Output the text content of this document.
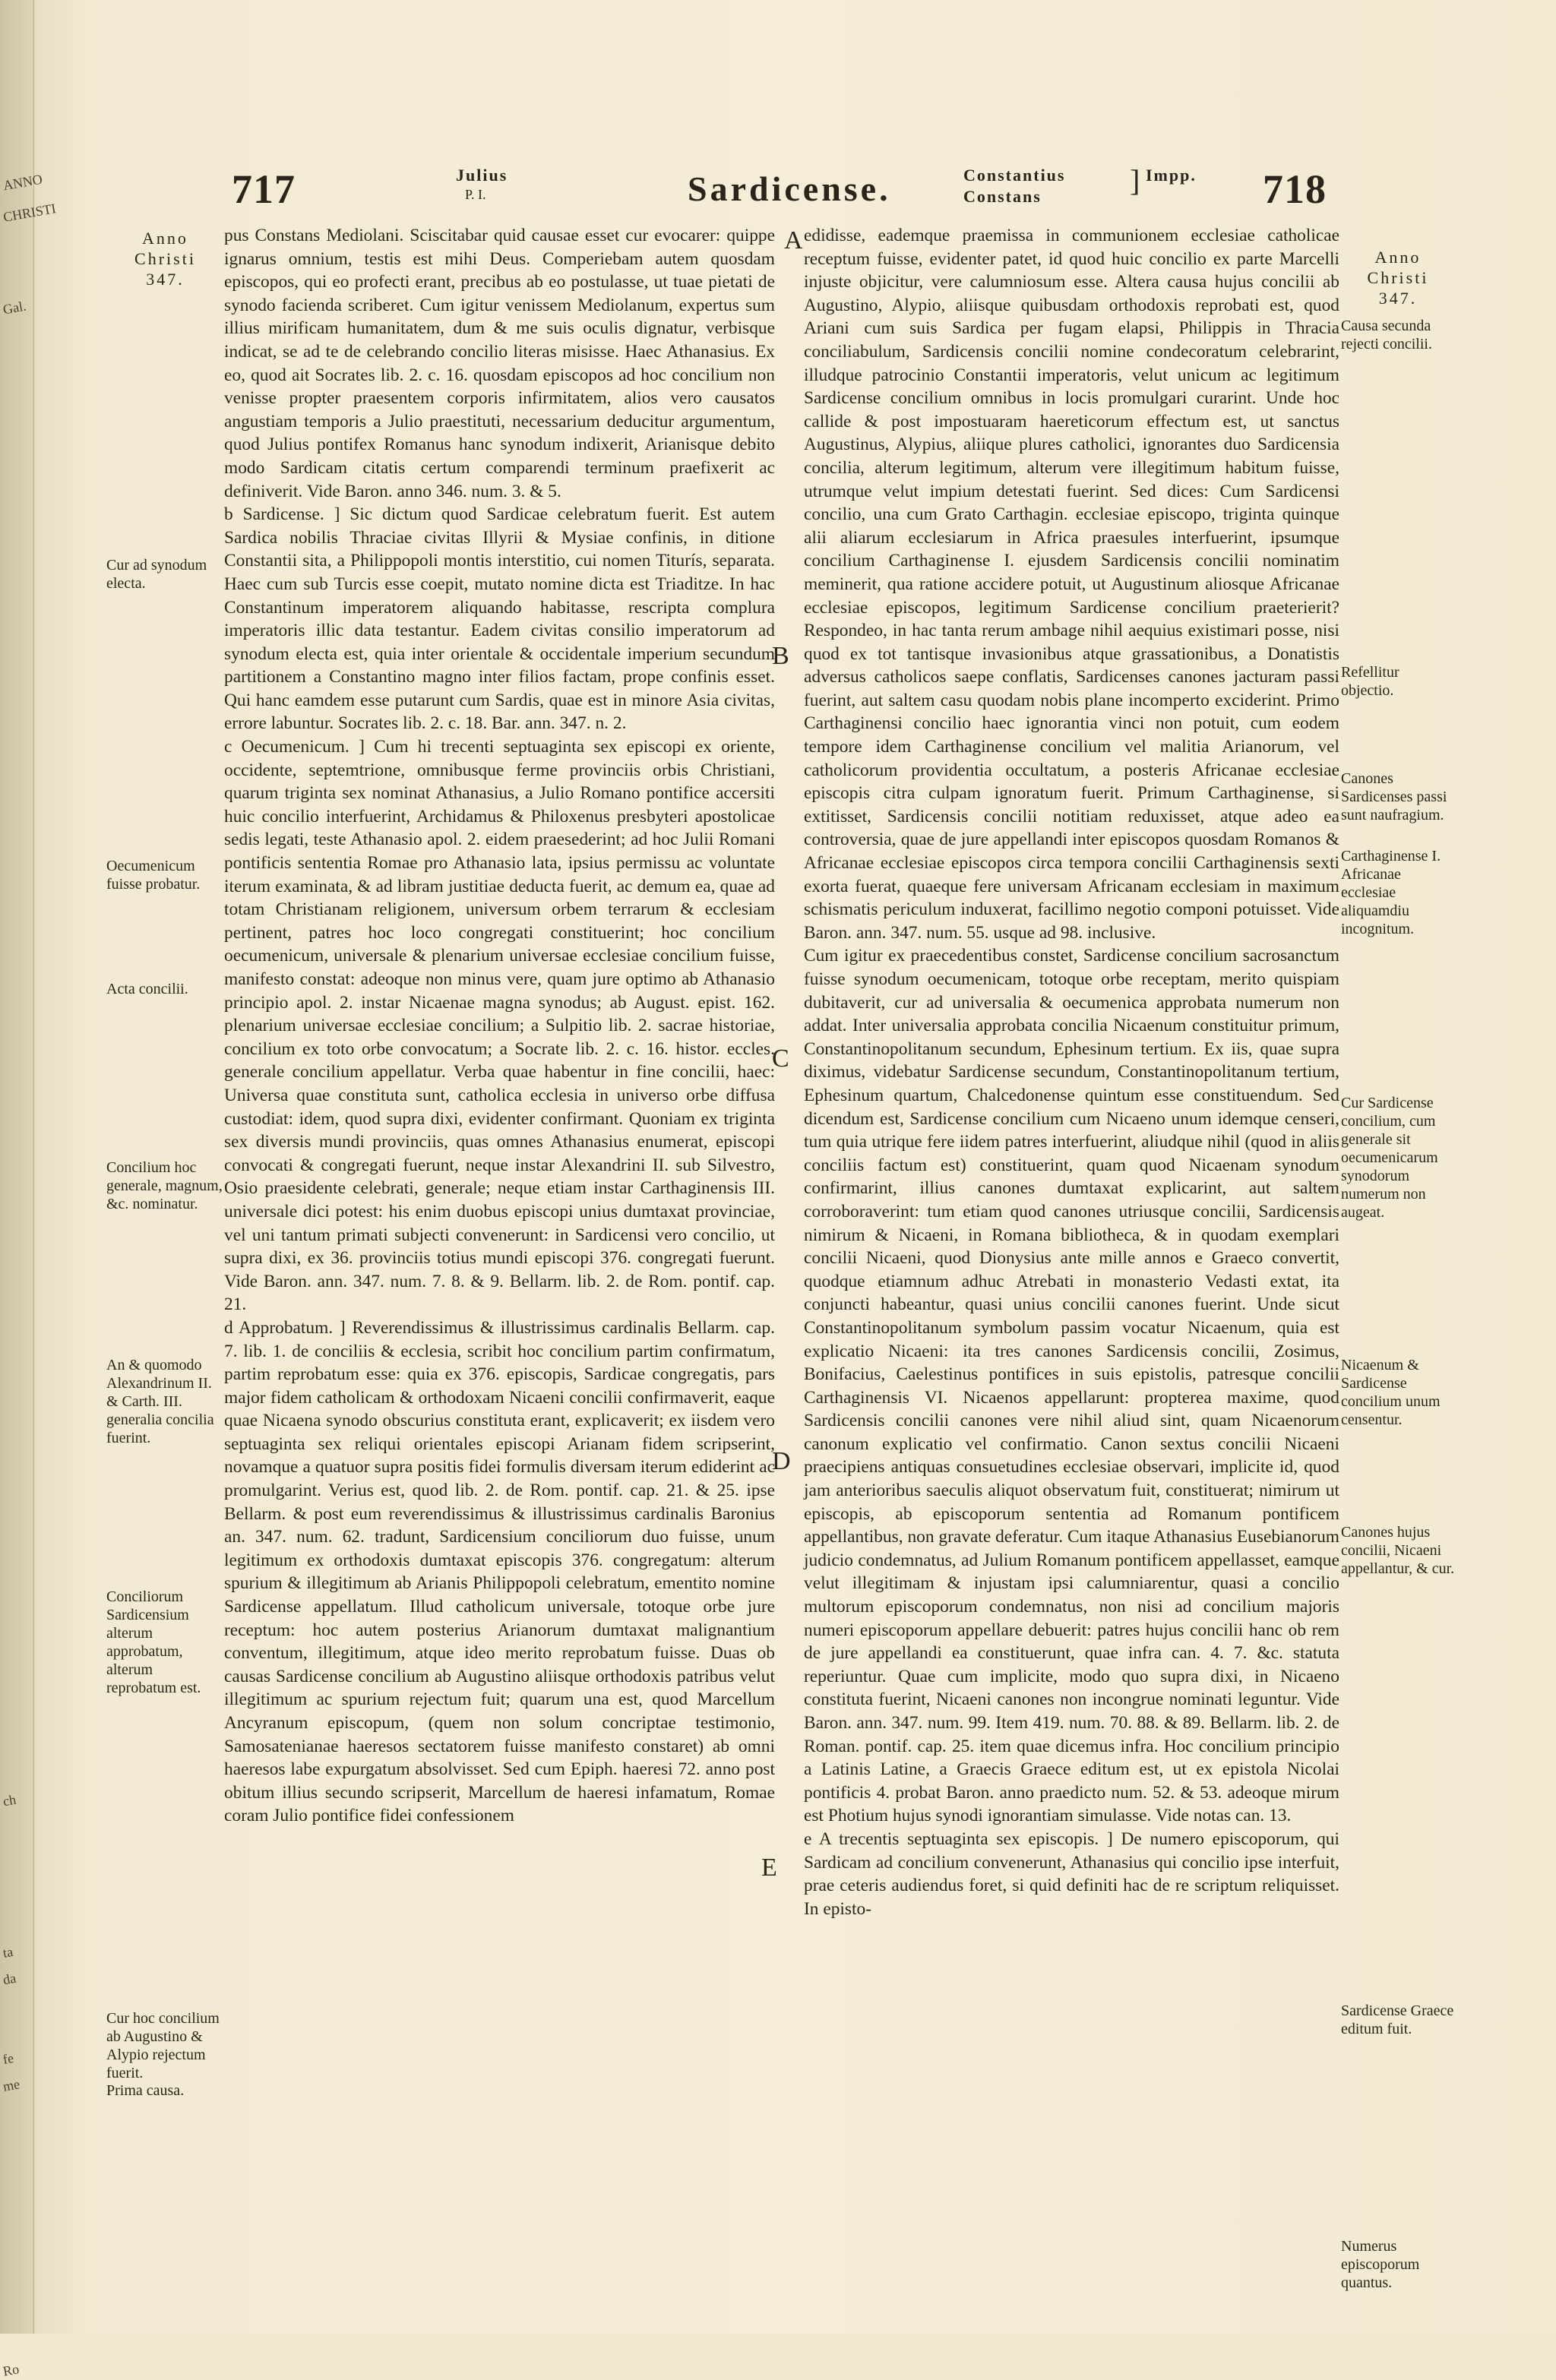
ANNO
CHRISTI
Gal.
ch
ta
da
Ro
fe
me
717	Julius
P. I.	Sardicense.	Constantius
Constans	] Impp. 718
Anno
Christi
347.
Cur ad synodum electa.
Oecumenicum fuisse probatur.
Acta concilii.
Concilium hoc generale, magnum, &c. nominatur.
An & quomodo Alexandrinum II. & Carth. III. generalia concilia fuerint.
Conciliorum Sardicensium alterum approbatum, alterum reprobatum est.
Cur hoc concilium ab Augustino & Alypio rejectum fuerit.
Prima causa.

pus Constans Mediolani. Sciscitabar quid causae esset cur evocarer: quippe ignarus omnium, testis est mihi Deus. Comperiebam autem quosdam episcopos, qui eo profecti erant, precibus ab eo postulasse, ut tuae pietati de synodo facienda scriberet. Cum igitur venissem Mediolanum, expertus sum illius mirificam humanitatem, dum & me suis oculis dignatur, verbisque indicat, se ad te de celebrando concilio literas misisse. Haec Athanasius. Ex eo, quod ait Socrates lib. 2. c. 16. quosdam episcopos ad hoc concilium non venisse propter praesentem corporis infirmitatem, alios vero causatos angustiam temporis a Julio praestituti, necessarium deducitur argumentum, quod Julius pontifex Romanus hanc synodum indixerit, Arianisque debito modo Sardicam citatis certum comparendi terminum praefixerit ac definiverit. Vide Baron. anno 346. num. 3. & 5.

b Sardicense. ] Sic dictum quod Sardicae celebratum fuerit. Est autem Sardica nobilis Thraciae civitas Illyrii & Mysiae confinis, in ditione Constantii sita, a Philippopoli montis interstitio, cui nomen Titurís, separata. Haec cum sub Turcis esse coepit, mutato nomine dicta est Triaditze. In hac Constantinum imperatorem aliquando habitasse, rescripta complura imperatoris illic data testantur. Eadem civitas consilio imperatorum ad synodum electa est, quia inter orientale & occidentale imperium secundum partitionem a Constantino magno inter filios factam, prope confinis esset. Qui hanc eamdem esse putarunt cum Sardis, quae est in minore Asia civitas, errore labuntur. Socrates lib. 2. c. 18. Bar. ann. 347. n. 2.

c Oecumenicum. ] Cum hi trecenti septuaginta sex episcopi ex oriente, occidente, septemtrione, omnibusque ferme provinciis orbis Christiani, quarum triginta sex nominat Athanasius, a Julio Romano pontifice accersiti huic concilio interfuerint, Archidamus & Philoxenus presbyteri apostolicae sedis legati, teste Athanasio apol. 2. eidem praesederint; ad hoc Julii Romani pontificis sententia Romae pro Athanasio lata, ipsius permissu ac voluntate iterum examinata, & ad libram justitiae deducta fuerit, ac demum ea, quae ad totam Christianam religionem, universum orbem terrarum & ecclesiam pertinent, patres hoc loco congregati constituerint; hoc concilium oecumenicum, universale & plenarium universae ecclesiae concilium fuisse, manifesto constat: adeoque non minus vere, quam jure optimo ab Athanasio principio apol. 2. instar Nicaenae magna synodus; ab August. epist. 162. plenarium universae ecclesiae concilium; a Sulpitio lib. 2. sacrae historiae, concilium ex toto orbe convocatum; a Socrate lib. 2. c. 16. histor. eccles. generale concilium appellatur. Verba quae habentur in fine concilii, haec: Universa quae constituta sunt, catholica ecclesia in universo orbe diffusa custodiat: idem, quod supra dixi, evidenter confirmant. Quoniam ex triginta sex diversis mundi provinciis, quas omnes Athanasius enumerat, episcopi convocati & congregati fuerunt, neque instar Alexandrini II. sub Silvestro, Osio praesidente celebrati, generale; neque etiam instar Carthaginensis III. universale dici potest: his enim duobus episcopi unius dumtaxat provinciae, vel uni tantum primati subjecti convenerunt: in Sardicensi vero concilio, ut supra dixi, ex 36. provinciis totius mundi episcopi 376. congregati fuerunt. Vide Baron. ann. 347. num. 7. 8. & 9. Bellarm. lib. 2. de Rom. pontif. cap. 21.

d Approbatum. ] Reverendissimus & illustrissimus cardinalis Bellarm. cap. 7. lib. 1. de conciliis & ecclesia, scribit hoc concilium partim confirmatum, partim reprobatum esse: quia ex 376. episcopis, Sardicae congregatis, pars major fidem catholicam & orthodoxam Nicaeni concilii confirmaverit, eaque quae Nicaena synodo obscurius constituta erant, explicaverit; ex iisdem vero septuaginta sex reliqui orientales episcopi Arianam fidem scripserint, novamque a quatuor supra positis fidei formulis diversam iterum ediderint ac promulgarint. Verius est, quod lib. 2. de Rom. pontif. cap. 21. & 25. ipse Bellarm. & post eum reverendissimus & illustrissimus cardinalis Baronius an. 347. num. 62. tradunt, Sardicensium conciliorum duo fuisse, unum legitimum ex orthodoxis dumtaxat episcopis 376. congregatum: alterum spurium & illegitimum ab Arianis Philippopoli celebratum, ementito nomine Sardicense appellatum. Illud catholicum universale, totoque orbe jure receptum: hoc autem posterius Arianorum dumtaxat malignantium conventum, illegitimum, atque ideo merito reprobatum fuisse. Duas ob causas Sardicense concilium ab Augustino aliisque orthodoxis patribus velut illegitimum ac spurium rejectum fuit; quarum una est, quod Marcellum Ancyranum episcopum, (quem non solum concriptae testimonio, Samosatenianae haeresos sectatorem fuisse manifesto constaret) ab omni haeresos labe expurgatum absolvisset. Sed cum Epiph. haeresi 72. anno post obitum illius secundo scripserit, Marcellum de haeresi infamatum, Romae coram Julio pontifice fidei confessionem

A
B
C
D
E

edidisse, eademque praemissa in communionem ecclesiae catholicae receptum fuisse, evidenter patet, id quod huic concilio ex parte Marcelli injuste objicitur, vere calumniosum esse. Altera causa hujus concilii ab Augustino, Alypio, aliisque quibusdam orthodoxis reprobati est, quod Ariani cum suis Sardica per fugam elapsi, Philippis in Thracia conciliabulum, Sardicensis concilii nomine condecoratum celebrarint, illudque patrocinio Constantii imperatoris, velut unicum ac legitimum Sardicense concilium omnibus in locis promulgari curarint. Unde hoc callide & post impostuaram haereticorum effectum est, ut sanctus Augustinus, Alypius, aliique plures catholici, ignorantes duo Sardicensia concilia, alterum legitimum, alterum vere illegitimum habitum fuisse, utrumque velut impium detestati fuerint. Sed dices: Cum Sardicensi concilio, una cum Grato Carthagin. ecclesiae episcopo, triginta quinque alii aliarum ecclesiarum in Africa praesules interfuerint, ipsumque concilium Carthaginense I. ejusdem Sardicensis concilii nominatim meminerit, qua ratione accidere potuit, ut Augustinum aliosque Africanae ecclesiae episcopos, legitimum Sardicense concilium praeterierit? Respondeo, in hac tanta rerum ambage nihil aequius existimari posse, nisi quod ex tot tantisque invasionibus atque grassationibus, a Donatistis adversus catholicos saepe conflatis, Sardicenses canones jacturam passi fuerint, aut saltem casu quodam nobis plane incomperto exciderint. Primo Carthaginensi concilio haec ignorantia vinci non potuit, cum eodem tempore idem Carthaginense concilium vel malitia Arianorum, vel catholicorum providentia occultatum, a posteris Africanae ecclesiae episcopis citra culpam ignoratum fuerit. Primum Carthaginense, si extitisset, Sardicensis concilii notitiam reduxisset, atque adeo ea controversia, quae de jure appellandi inter episcopos quosdam Romanos & Africanae ecclesiae episcopos circa tempora concilii Carthaginensis sexti exorta fuerat, quaeque fere universam Africanam ecclesiam in maximum schismatis periculum induxerat, facillimo negotio componi potuisset. Vide Baron. ann. 347. num. 55. usque ad 98. inclusive.

Cum igitur ex praecedentibus constet, Sardicense concilium sacrosanctum fuisse synodum oecumenicam, totoque orbe receptam, merito quispiam dubitaverit, cur ad universalia & oecumenica approbata numerum non addat. Inter universalia approbata concilia Nicaenum constituitur primum, Constantinopolitanum secundum, Ephesinum tertium. Ex iis, quae supra diximus, videbatur Sardicense secundum, Constantinopolitanum tertium, Ephesinum quartum, Chalcedonense quintum esse constituendum. Sed dicendum est, Sardicense concilium cum Nicaeno unum idemque censeri, tum quia utrique fere iidem patres interfuerint, aliudque nihil (quod in aliis conciliis factum est) constituerint, quam quod Nicaenam synodum confirmarint, illius canones dumtaxat explicarint, aut saltem corroboraverint: tum etiam quod canones utriusque concilii, Sardicensis nimirum & Nicaeni, in Romana bibliotheca, & in quodam exemplari concilii Nicaeni, quod Dionysius ante mille annos e Graeco convertit, quodque etiamnum adhuc Atrebati in monasterio Vedasti extat, ita conjuncti habeantur, quasi unius concilii canones fuerint. Unde sicut Constantinopolitanum symbolum passim vocatur Nicaenum, quia est explicatio Nicaeni: ita tres canones Sardicensis concilii, Zosimus, Bonifacius, Caelestinus pontifices in suis epistolis, patresque concilii Carthaginensis VI. Nicaenos appellarunt: propterea maxime, quod Sardicensis concilii canones vere nihil aliud sint, quam Nicaenorum canonum explicatio vel confirmatio. Canon sextus concilii Nicaeni praecipiens antiquas consuetudines ecclesiae observari, implicite id, quod jam anterioribus saeculis aliquot observatum fuit, constituerat; nimirum ut episcopis, ab episcoporum sententia ad Romanum pontificem appellantibus, non gravate deferatur. Cum itaque Athanasius Eusebianorum judicio condemnatus, ad Julium Romanum pontificem appellasset, eamque velut illegitimam & injustam ipsi calumniarentur, quasi a concilio multorum episcoporum condemnatus, non nisi ad concilium majoris numeri episcoporum appellare debuerit: patres hujus concilii hanc ob rem de jure appellandi ea constituerunt, quae infra can. 4. 7. &c. statuta reperiuntur. Quae cum implicite, modo quo supra dixi, in Nicaeno constituta fuerint, Nicaeni canones non incongrue nominati leguntur. Vide Baron. ann. 347. num. 99. Item 419. num. 70. 88. & 89. Bellarm. lib. 2. de Roman. pontif. cap. 25. item quae dicemus infra. Hoc concilium principio a Latinis Latine, a Graecis Graece editum est, ut ex epistola Nicolai pontificis 4. probat Baron. anno praedicto num. 52. & 53. adeoque mirum est Photium hujus synodi ignorantiam simulasse. Vide notas can. 13.

e A trecentis septuaginta sex episcopis. ] De numero episcoporum, qui Sardicam ad concilium convenerunt, Athanasius qui concilio ipse interfuit, prae ceteris audiendus foret, si quid definiti hac de re scriptum reliquisset. In episto-

Anno
Christi
347.
Causa secunda rejecti concilii.
Refellitur objectio.
Canones Sardicenses passi sunt naufragium.
Carthaginense I. Africanae ecclesiae aliquamdiu incognitum.
Cur Sardicense concilium, cum generale sit oecumenicarum synodorum numerum non augeat.
Nicaenum & Sardicense concilium unum censentur.
Canones hujus concilii, Nicaeni appellantur, & cur.
Sardicense Graece editum fuit.
Numerus episcoporum quantus.
